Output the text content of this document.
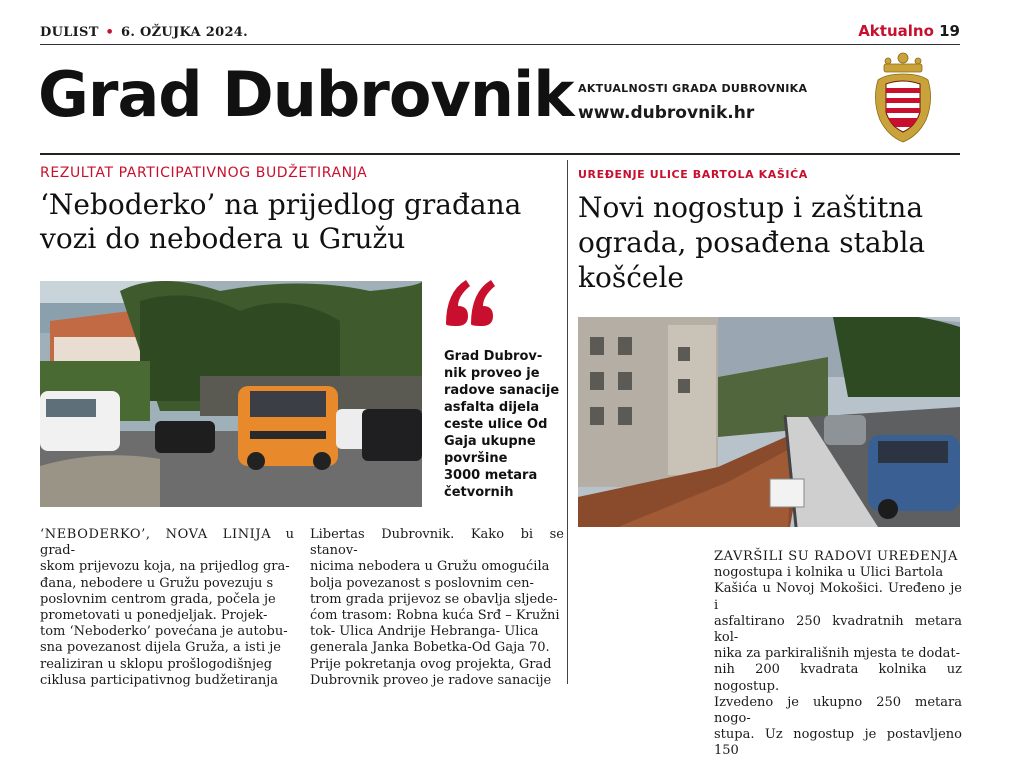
DULIST • 6. OŽUJKA 2024.	Aktualno 19
Grad Dubrovnik AKTUALNOSTI GRADA DUBROVNIKA
www.dubrovnik.hr
REZULTAT PARTICIPATIVNOG BUDŽETIRANJA
‘Neboderko’ na prijedlog građana
vozi do nebodera u Gružu
Grad Dubrov-
nik proveo je
radove sanacije
asfalta dijela
ceste ulice Od
Gaja ukupne
površine
3000 metara
četvornih
‘NEBODERKO’, NOVA LINIJA u grad-
skom prijevozu koja, na prijedlog gra-
đana, nebodere u Gružu povezuju s
poslovnim centrom grada, počela je
prometovati u ponedjeljak. Projek-
tom ‘Neboderko’ povećana je autobu-
sna povezanost dijela Gruža, a isti je
realiziran u sklopu prošlogodišnjeg
ciklusa participativnog budžetiranja
Libertas Dubrovnik. Kako bi se stanov-
nicima nebodera u Gružu omogućila
bolja povezanost s poslovnim cen-
trom grada prijevoz se obavlja sljede-
ćom trasom: Robna kuća Srđ – Kružni
tok- Ulica Andrije Hebranga- Ulica
generala Janka Bobetka-Od Gaja 70.
Prije pokretanja ovog projekta, Grad
Dubrovnik proveo je radove sanacije
UREĐENJE ULICE BARTOLA KAŠIĆA
Novi nogostup i zaštitna
ograda, posađena stabla
košćele
ZAVRŠILI SU RADOVI UREĐENJA
nogostupa i kolnika u Ulici Bartola
Kašića u Novoj Mokošici. Uređeno je i
asfaltirano 250 kvadratnih metara kol-
nika za parkirališnih mjesta te dodat-
nih 200 kvadrata kolnika uz nogostup.
Izvedeno je ukupno 250 metara nogo-
stupa. Uz nogostup je postavljeno 150
